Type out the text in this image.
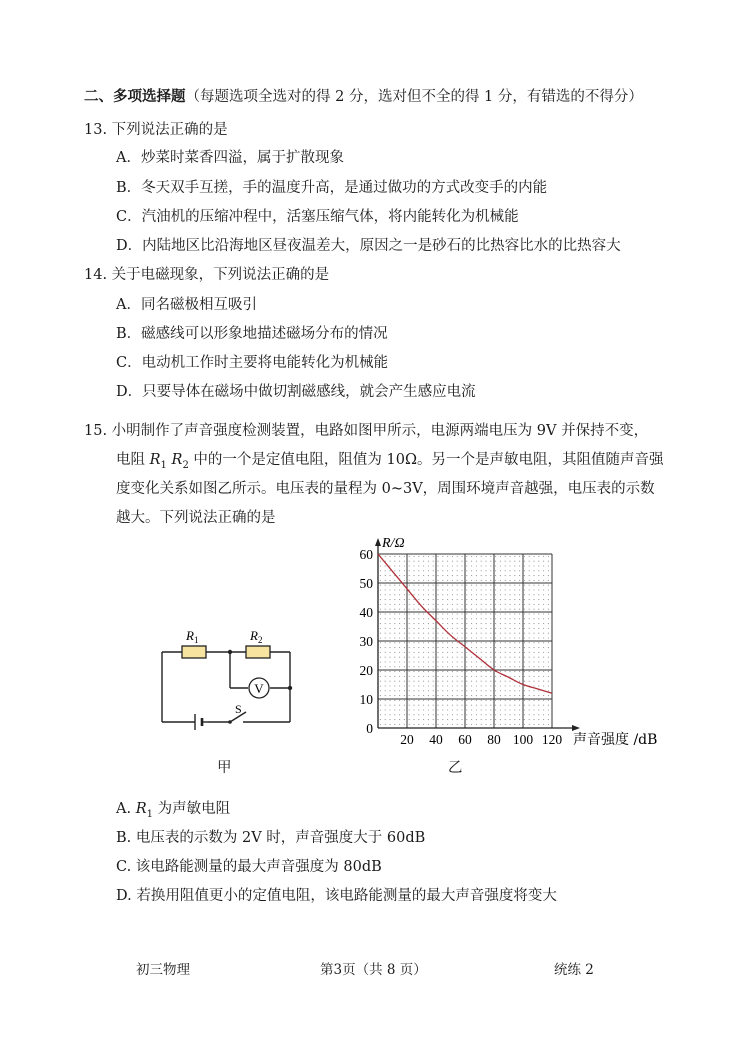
二、多项选择题（每题选项全选对的得 2 分，选对但不全的得 1 分，有错选的不得分）
13. 下列说法正确的是
A．炒菜时菜香四溢，属于扩散现象
B．冬天双手互搓，手的温度升高，是通过做功的方式改变手的内能
C．汽油机的压缩冲程中，活塞压缩气体，将内能转化为机械能
D．内陆地区比沿海地区昼夜温差大，原因之一是砂石的比热容比水的比热容大
14. 关于电磁现象，下列说法正确的是
A．同名磁极相互吸引
B．磁感线可以形象地描述磁场分布的情况
C．电动机工作时主要将电能转化为机械能
D．只要导体在磁场中做切割磁感线，就会产生感应电流
15. 小明制作了声音强度检测装置，电路如图甲所示，电源两端电压为 9V 并保持不变，
电阻 $R_1$ $R_2$ 中的一个是定值电阻，阻值为 10Ω。另一个是声敏电阻，其阻值随声音强
度变化关系如图乙所示。电压表的量程为 0~3V，周围环境声音越强，电压表的示数
越大。下列说法正确的是
V
S
$R_1$	$R_2$
甲
20 40 60 80 100 120
0
10
20
30
40
50
60
R/Ω
声音强度 /dB
乙
A. $R_1$ 为声敏电阻
B. 电压表的示数为 2V 时，声音强度大于 60dB
C. 该电路能测量的最大声音强度为 80dB
D. 若换用阻值更小的定值电阻，该电路能测量的最大声音强度将变大
初三物理	第3页（共 8 页）	统练 2
